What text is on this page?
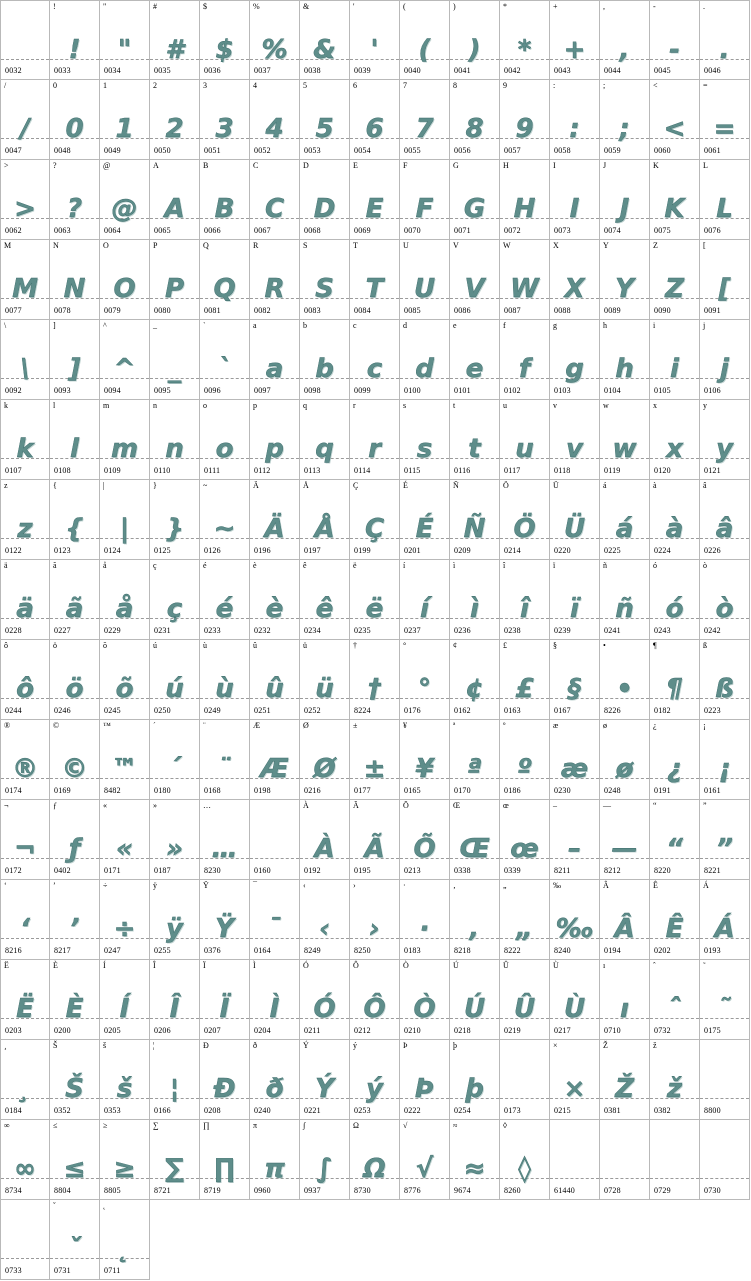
0032
!
!
0033
"
"
0034
#
#
0035
$
$
0036
%
%
0037
&
&
0038
'
'
0039
(
(
0040
)
)
0041
*
*
0042
+
+
0043
,
,
0044
-
-
0045
.
.
0046
/
/
0047
0
0
0048
1
1
0049
2
2
0050
3
3
0051
4
4
0052
5
5
0053
6
6
0054
7
7
0055
8
8
0056
9
9
0057
:
:
0058
;
;
0059
<
<
0060
=
=
0061
>
>
0062
?
?
0063
@
@
0064
A
A
0065
B
B
0066
C
C
0067
D
D
0068
E
E
0069
F
F
0070
G
G
0071
H
H
0072
I
I
0073
J
J
0074
K
K
0075
L
L
0076
M
M
0077
N
N
0078
O
O
0079
P
P
0080
Q
Q
0081
R
R
0082
S
S
0083
T
T
0084
U
U
0085
V
V
0086
W
W
0087
X
X
0088
Y
Y
0089
Z
Z
0090
[
[
0091
\
\
0092
]
]
0093
^
^
0094
_
_
0095
`
`
0096
a
a
0097
b
b
0098
c
c
0099
d
d
0100
e
e
0101
f
f
0102
g
g
0103
h
h
0104
i
i
0105
j
j
0106
k
k
0107
l
l
0108
m
m
0109
n
n
0110
o
o
0111
p
p
0112
q
q
0113
r
r
0114
s
s
0115
t
t
0116
u
u
0117
v
v
0118
w
w
0119
x
x
0120
y
y
0121
z
z
0122
{
{
0123
|
|
0124
}
}
0125
~
~
0126
Ä
Ä
0196
Å
Å
0197
Ç
Ç
0199
É
É
0201
Ñ
Ñ
0209
Ö
Ö
0214
Ü
Ü
0220
á
á
0225
à
à
0224
â
â
0226
ä
ä
0228
ã
ã
0227
å
å
0229
ç
ç
0231
é
é
0233
è
è
0232
ê
ê
0234
ë
ë
0235
í
í
0237
ì
ì
0236
î
î
0238
ï
ï
0239
ñ
ñ
0241
ó
ó
0243
ò
ò
0242
ô
ô
0244
ö
ö
0246
õ
õ
0245
ú
ú
0250
ù
ù
0249
û
û
0251
ü
ü
0252
†
†
8224
°
°
0176
¢
¢
0162
£
£
0163
§
§
0167
•
•
8226
¶
¶
0182
ß
ß
0223
®
®
0174
©
©
0169
™
™
8482
´
´
0180
¨
¨
0168
Æ
Æ
0198
Ø
Ø
0216
±
±
0177
¥
¥
0165
ª
ª
0170
º
º
0186
æ
æ
0230
ø
ø
0248
¿
¿
0191
¡
¡
0161
¬
¬
0172
ƒ
ƒ
0402
«
«
0171
»
»
0187
…
…
8230	0160
À
À
0192
Ã
Ã
0195
Õ
Õ
0213
Œ
Œ
0338
œ
œ
0339
–
–
8211
—
—
8212
“
“
8220
”
”
8221
‘
‘
8216
’
’
8217
÷
÷
0247
ÿ
ÿ
0255
Ÿ
Ÿ
0376
¯
¯
0164
‹
‹
8249
›
›
8250
·
·
0183
‚
‚
8218
„
„
8222
‰
‰
8240
Â
Â
0194
Ê
Ê
0202
Á
Á
0193
Ë
Ë
0203
È
È
0200
Í
Í
0205
Î
Î
0206
Ï
Ï
0207
Ì
Ì
0204
Ó
Ó
0211
Ô
Ô
0212
Ò
Ò
0210
Ú
Ú
0218
Û
Û
0219
Ù
Ù
0217
ı
ı
0710
ˆ
ˆ
0732
˜
˜
0175
¸
¸
0184
Š
Š
0352
š
š
0353
¦
¦
0166
Ð
Ð
0208
ð
ð
0240
Ý
Ý
0221
ý
ý
0253
Þ
Þ
0222
þ
þ
0254	0173
×
×
0215
Ž
Ž
0381
ž
ž
0382	8800
∞
∞
8734
≤
≤
8804
≥
≥
8805
∑
∑
8721
∏
∏
8719
π
π
0960
∫
∫
0937
Ω
Ω
8730
√
√
8776
≈
≈
9674
◊
◊
8260	61440	0728	0729	0730
0733
ˇ
ˇ
0731
˛
˛
0711
